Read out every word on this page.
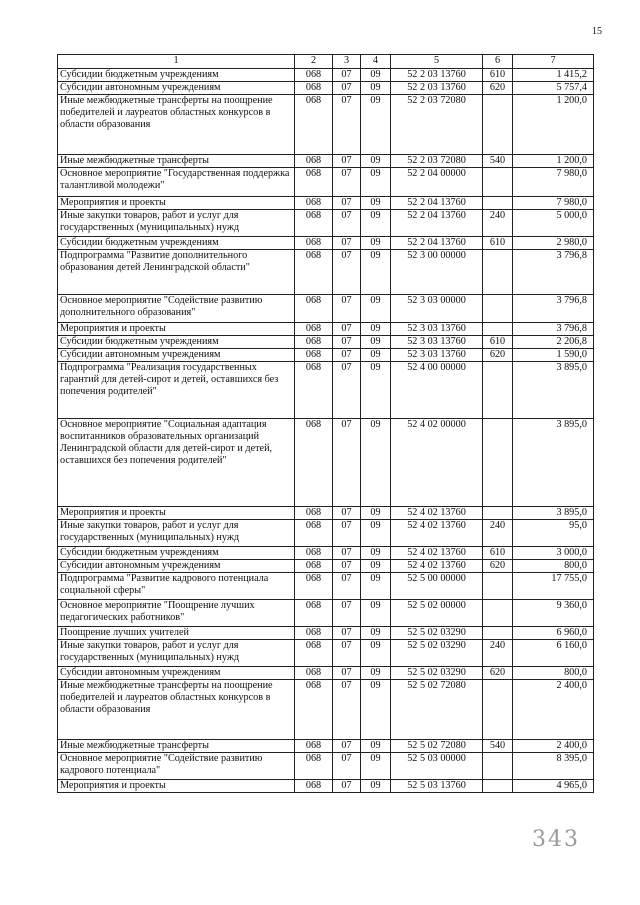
15
1	2	3	4	5	6	7
Субсидии бюджетным учреждениям	068	07	09	52 2 03 13760	610	1 415,2
Субсидии автономным учреждениям	068	07	09	52 2 03 13760	620	5 757,4
Иные межбюджетные трансферты на поощрение победителей и лауреатов областных конкурсов в области образования	068	07	09	52 2 03 72080		1 200,0
Иные межбюджетные трансферты	068	07	09	52 2 03 72080	540	1 200,0
Основное мероприятие "Государственная поддержка талантливой молодежи"	068	07	09	52 2 04 00000		7 980,0
Мероприятия и проекты	068	07	09	52 2 04 13760		7 980,0
Иные закупки товаров, работ и услуг для государственных (муниципальных) нужд	068	07	09	52 2 04 13760	240	5 000,0
Субсидии бюджетным учреждениям	068	07	09	52 2 04 13760	610	2 980,0
Подпрограмма "Развитие дополнительного образования детей Ленинградской области"	068	07	09	52 3 00 00000		3 796,8
Основное мероприятие "Содействие развитию дополнительного образования"	068	07	09	52 3 03 00000		3 796,8
Мероприятия и проекты	068	07	09	52 3 03 13760		3 796,8
Субсидии бюджетным учреждениям	068	07	09	52 3 03 13760	610	2 206,8
Субсидии автономным учреждениям	068	07	09	52 3 03 13760	620	1 590,0
Подпрограмма "Реализация государственных гарантий для детей-сирот и детей, оставшихся без попечения родителей"	068	07	09	52 4 00 00000		3 895,0
Основное мероприятие "Социальная адаптация воспитанников образовательных организаций Ленинградской области для детей-сирот и детей, оставшихся без попечения родителей"	068	07	09	52 4 02 00000		3 895,0
Мероприятия и проекты	068	07	09	52 4 02 13760		3 895,0
Иные закупки товаров, работ и услуг для государственных (муниципальных) нужд	068	07	09	52 4 02 13760	240	95,0
Субсидии бюджетным учреждениям	068	07	09	52 4 02 13760	610	3 000,0
Субсидии автономным учреждениям	068	07	09	52 4 02 13760	620	800,0
Подпрограмма "Развитие кадрового потенциала социальной сферы"	068	07	09	52 5 00 00000		17 755,0
Основное мероприятие "Поощрение лучших педагогических работников"	068	07	09	52 5 02 00000		9 360,0
Поощрение лучших учителей	068	07	09	52 5 02 03290		6 960,0
Иные закупки товаров, работ и услуг для государственных (муниципальных) нужд	068	07	09	52 5 02 03290	240	6 160,0
Субсидии автономным учреждениям	068	07	09	52 5 02 03290	620	800,0
Иные межбюджетные трансферты на поощрение победителей и лауреатов областных конкурсов в области образования	068	07	09	52 5 02 72080		2 400,0
Иные межбюджетные трансферты	068	07	09	52 5 02 72080	540	2 400,0
Основное мероприятие "Содействие развитию кадрового потенциала"	068	07	09	52 5 03 00000		8 395,0
Мероприятия и проекты	068	07	09	52 5 03 13760		4 965,0
343
